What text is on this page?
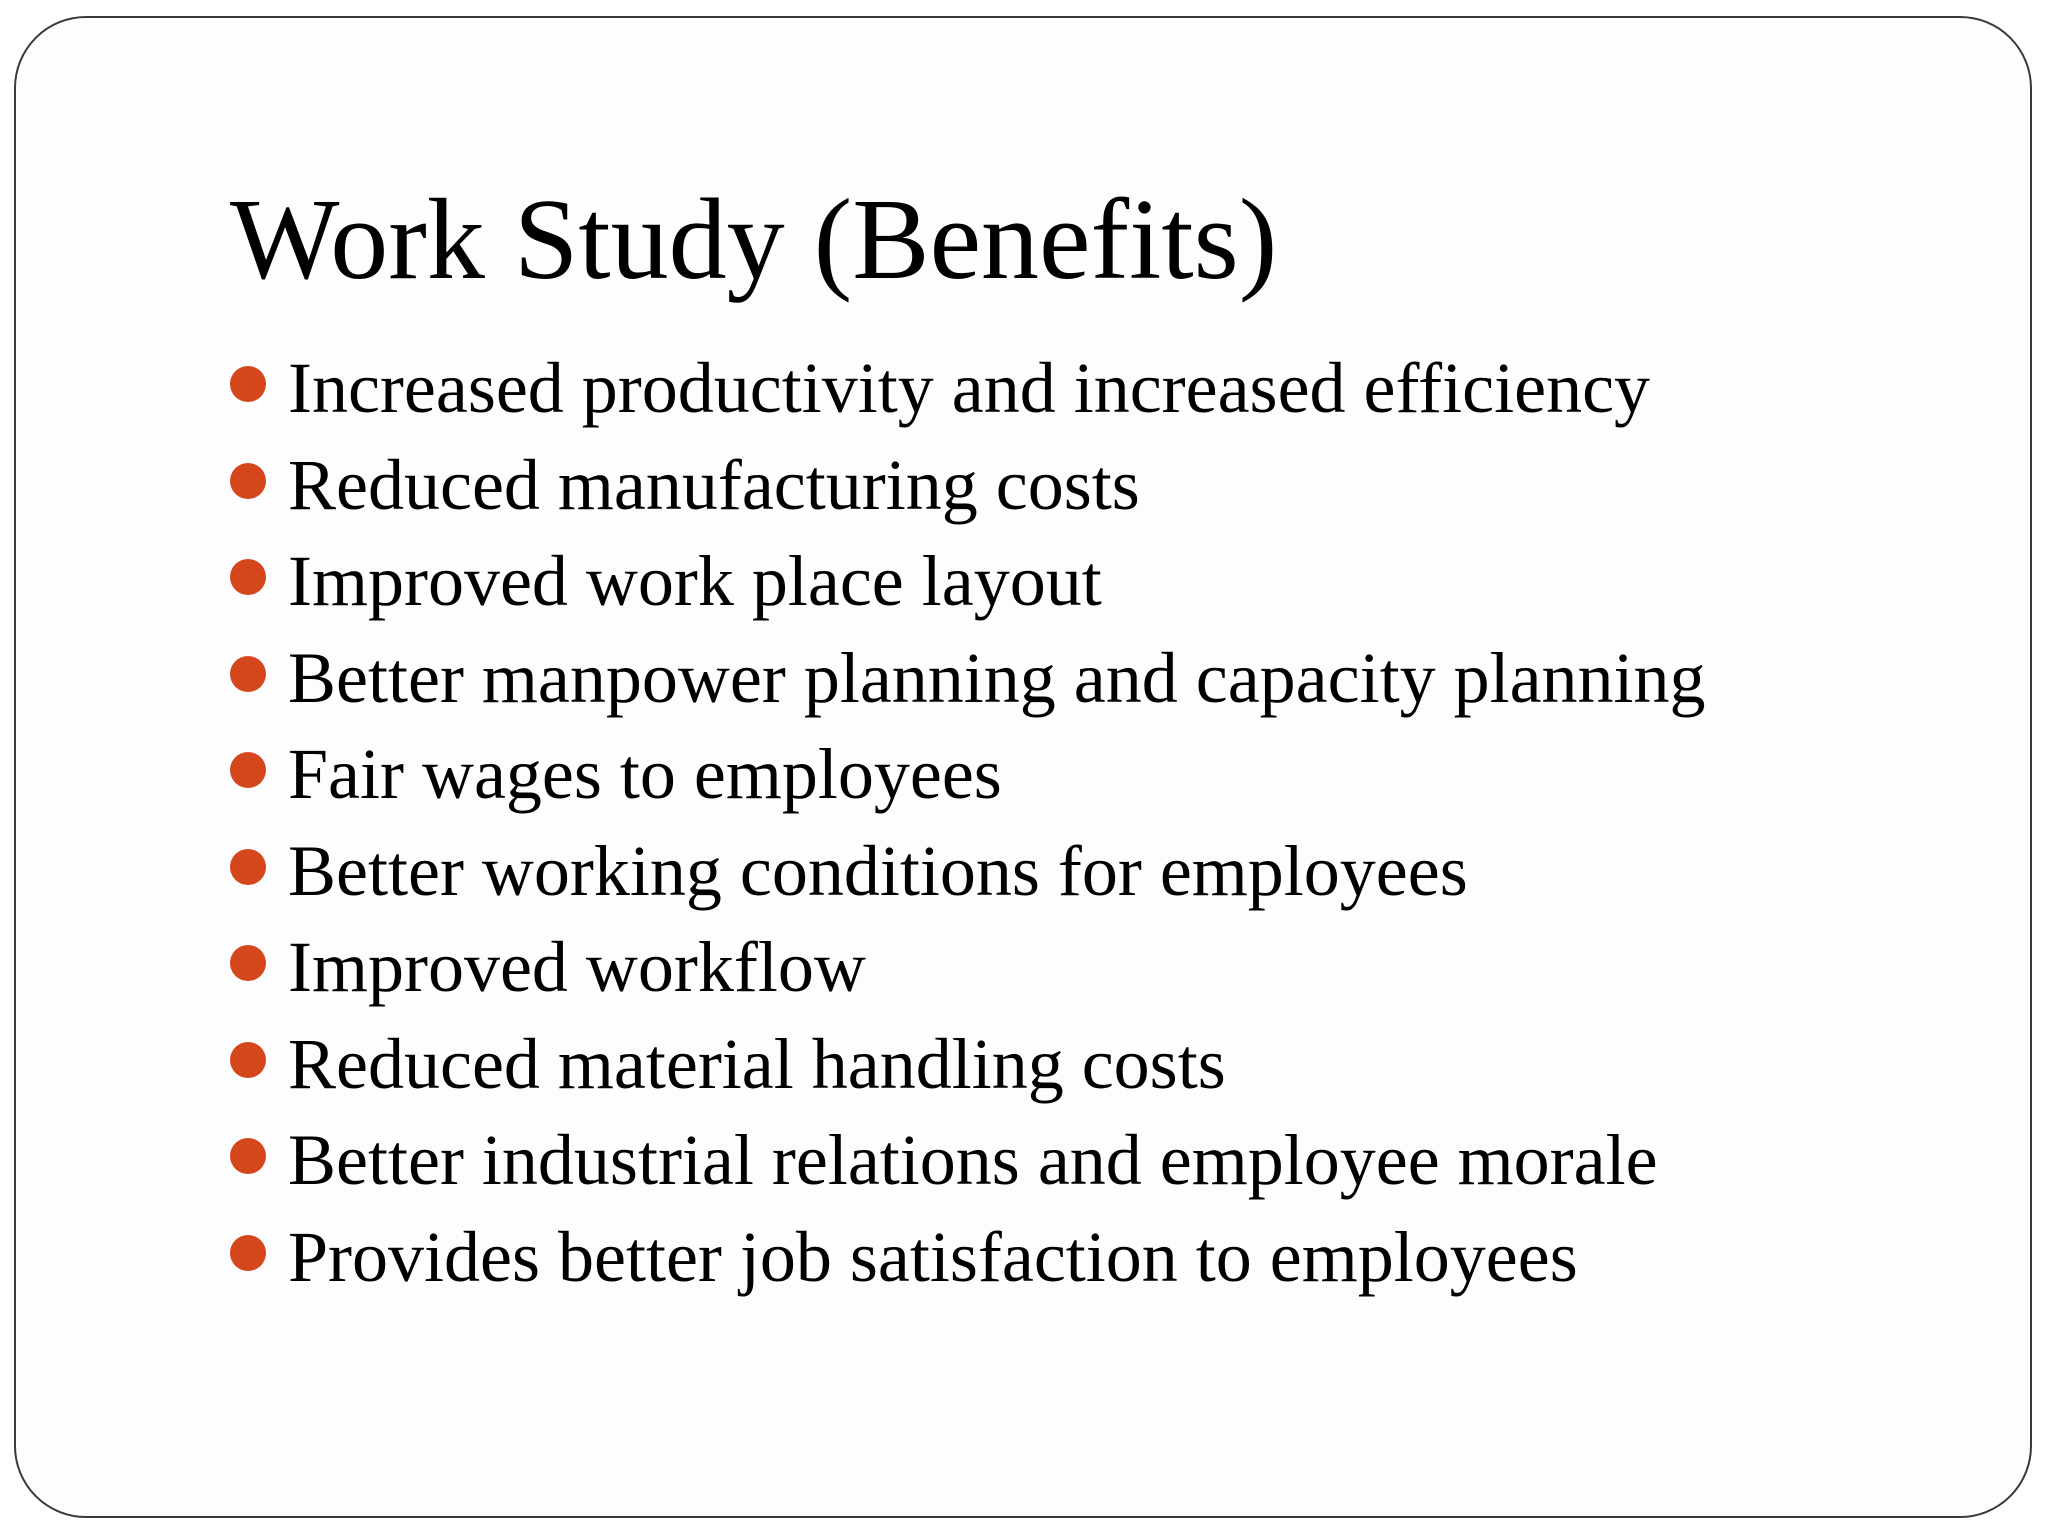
Work Study (Benefits)
Increased productivity and increased efficiency
Reduced manufacturing costs
Improved work place layout
Better manpower planning and capacity planning
Fair wages to employees
Better working conditions for employees
Improved workflow
Reduced material handling costs
Better industrial relations and employee morale
Provides better job satisfaction to employees
